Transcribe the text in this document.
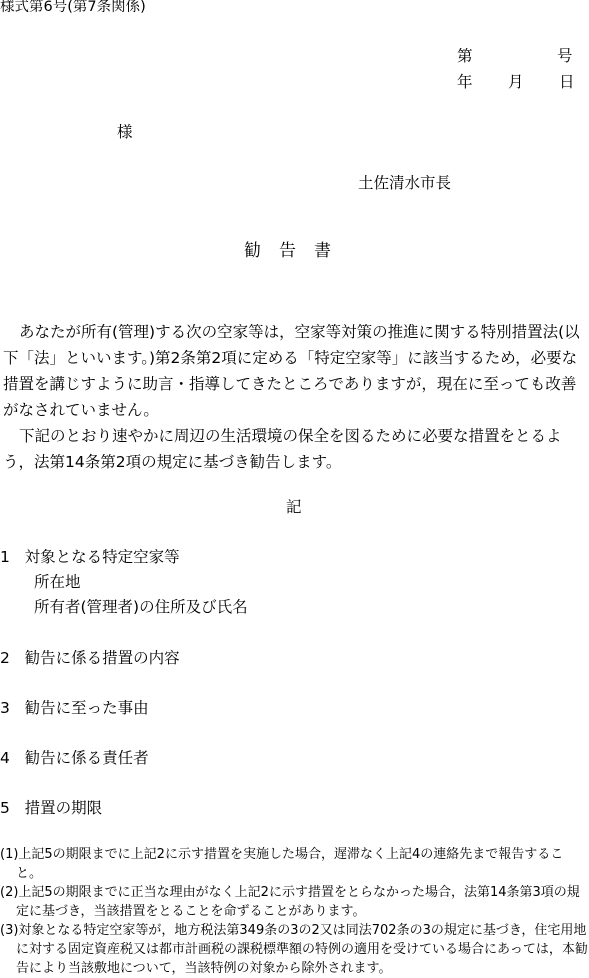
様式第6号(第7条関係)
第	号
年 月 日
様
土佐清水市長
勧告書
あなたが所有(管理)する次の空家等は，空家等対策の推進に関する特別措置法(以下「法」といいます。)第2条第2項に定める「特定空家等」に該当するため，必要な措置を講じすように助言・指導してきたところでありますが，現在に至っても改善がなされていません。
下記のとおり速やかに周辺の生活環境の保全を図るために必要な措置をとるよう，法第14条第2項の規定に基づき勧告します。
記
1 対象となる特定空家等
所在地
所有者(管理者)の住所及び氏名
2 勧告に係る措置の内容
3 勧告に至った事由
4 勧告に係る責任者
5 措置の期限
(1)上記5の期限までに上記2に示す措置を実施した場合，遅滞なく上記4の連絡先まで報告すること。
(2)上記5の期限までに正当な理由がなく上記2に示す措置をとらなかった場合，法第14条第3項の規定に基づき，当該措置をとることを命ずることがあります。
(3)対象となる特定空家等が，地方税法第349条の3の2又は同法702条の3の規定に基づき，住宅用地に対する固定資産税又は都市計画税の課税標準額の特例の適用を受けている場合にあっては，本勧告により当該敷地について，当該特例の対象から除外されます。
